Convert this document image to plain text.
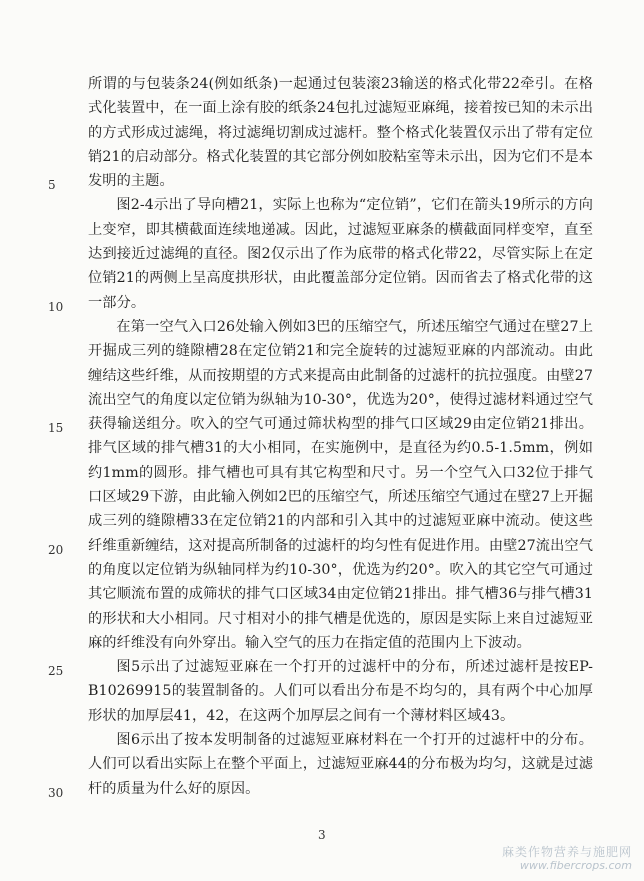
所谓的与包装条24(例如纸条)一起通过包装滚23输送的格式化带22牵引。在格式化装置中，在一面上涂有胶的纸条24包扎过滤短亚麻绳，接着按已知的未示出的方式形成过滤绳，将过滤绳切割成过滤杆。整个格式化装置仅示出了带有定位销21的启动部分。格式化装置的其它部分例如胶粘室等未示出，因为它们不是本发明的主题。

图2-4示出了导向槽21，实际上也称为“定位销”，它们在箭头19所示的方向上变窄，即其横截面连续地递减。因此，过滤短亚麻条的横截面同样变窄，直至达到接近过滤绳的直径。图2仅示出了作为底带的格式化带22，尽管实际上在定位销21的两侧上呈高度拱形状，由此覆盖部分定位销。因而省去了格式化带的这一部分。

在第一空气入口26处输入例如3巴的压缩空气，所述压缩空气通过在壁27上开掘成三列的缝隙槽28在定位销21和完全旋转的过滤短亚麻的内部流动。由此缠结这些纤维，从而按期望的方式来提高由此制备的过滤杆的抗拉强度。由壁27流出空气的角度以定位销为纵轴为10-30°，优选为20°，使得过滤材料通过空气获得输送组分。吹入的空气可通过筛状构型的排气口区域29由定位销21排出。排气区域的排气槽31的大小相同，在实施例中，是直径为约0.5-1.5mm，例如约1mm的圆形。排气槽也可具有其它构型和尺寸。另一个空气入口32位于排气口区域29下游，由此输入例如2巴的压缩空气，所述压缩空气通过在壁27上开掘成三列的缝隙槽33在定位销21的内部和引入其中的过滤短亚麻中流动。使这些纤维重新缠结，这对提高所制备的过滤杆的均匀性有促进作用。由壁27流出空气的角度以定位销为纵轴同样为约10-30°，优选为约20°。吹入的其它空气可通过其它顺流布置的成筛状的排气口区域34由定位销21排出。排气槽36与排气槽31的形状和大小相同。尺寸相对小的排气槽是优选的，原因是实际上来自过滤短亚麻的纤维没有向外穿出。输入空气的压力在指定值的范围内上下波动。

图5示出了过滤短亚麻在一个打开的过滤杆中的分布，所述过滤杆是按EP-B10269915的装置制备的。人们可以看出分布是不均匀的，具有两个中心加厚形状的加厚层41，42，在这两个加厚层之间有一个薄材料区域43。

图6示出了按本发明制备的过滤短亚麻材料在一个打开的过滤杆中的分布。人们可以看出实际上在整个平面上，过滤短亚麻44的分布极为均匀，这就是过滤杆的质量为什么好的原因。

5
10
15
20
25
30
3
麻类作物营养与施肥网
www.fibercrops.com
